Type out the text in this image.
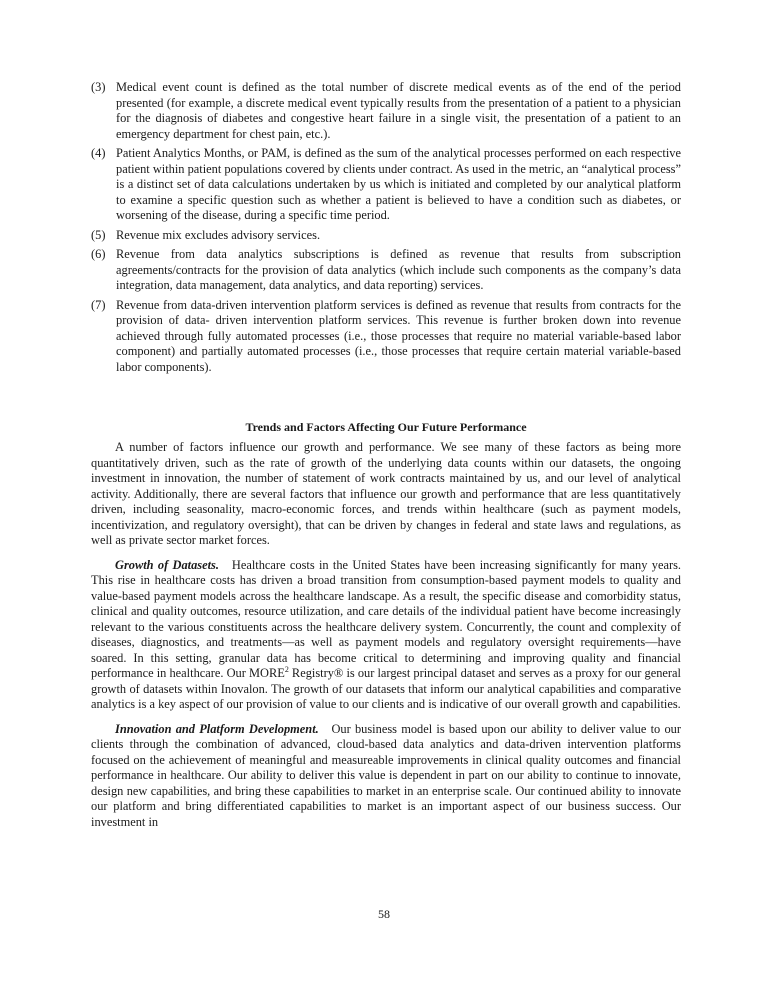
(3) Medical event count is defined as the total number of discrete medical events as of the end of the period presented (for example, a discrete medical event typically results from the presentation of a patient to a physician for the diagnosis of diabetes and congestive heart failure in a single visit, the presentation of a patient to an emergency department for chest pain, etc.).
(4) Patient Analytics Months, or PAM, is defined as the sum of the analytical processes performed on each respective patient within patient populations covered by clients under contract. As used in the metric, an “analytical process” is a distinct set of data calculations undertaken by us which is initiated and completed by our analytical platform to examine a specific question such as whether a patient is believed to have a condition such as diabetes, or worsening of the disease, during a specific time period.
(5) Revenue mix excludes advisory services.
(6) Revenue from data analytics subscriptions is defined as revenue that results from subscription agreements/contracts for the provision of data analytics (which include such components as the company’s data integration, data management, data analytics, and data reporting) services.
(7) Revenue from data-driven intervention platform services is defined as revenue that results from contracts for the provision of data- driven intervention platform services. This revenue is further broken down into revenue achieved through fully automated processes (i.e., those processes that require no material variable-based labor component) and partially automated processes (i.e., those processes that require certain material variable-based labor components).
Trends and Factors Affecting Our Future Performance

A number of factors influence our growth and performance. We see many of these factors as being more quantitatively driven, such as the rate of growth of the underlying data counts within our datasets, the ongoing investment in innovation, the number of statement of work contracts maintained by us, and our level of analytical activity. Additionally, there are several factors that influence our growth and performance that are less quantitatively driven, including seasonality, macro-economic forces, and trends within healthcare (such as payment models, incentivization, and regulatory oversight), that can be driven by changes in federal and state laws and regulations, as well as private sector market forces.

Growth of Datasets. Healthcare costs in the United States have been increasing significantly for many years. This rise in healthcare costs has driven a broad transition from consumption-based payment models to quality and value-based payment models across the healthcare landscape. As a result, the specific disease and comorbidity status, clinical and quality outcomes, resource utilization, and care details of the individual patient have become increasingly relevant to the various constituents across the healthcare delivery system. Concurrently, the count and complexity of diseases, diagnostics, and treatments—as well as payment models and regulatory oversight requirements—have soared. In this setting, granular data has become critical to determining and improving quality and financial performance in healthcare. Our MORE$^2$ Registry® is our largest principal dataset and serves as a proxy for our general growth of datasets within Inovalon. The growth of our datasets that inform our analytical capabilities and comparative analytics is a key aspect of our provision of value to our clients and is indicative of our overall growth and capabilities.

Innovation and Platform Development. Our business model is based upon our ability to deliver value to our clients through the combination of advanced, cloud-based data analytics and data-driven intervention platforms focused on the achievement of meaningful and measureable improvements in clinical quality outcomes and financial performance in healthcare. Our ability to deliver this value is dependent in part on our ability to continue to innovate, design new capabilities, and bring these capabilities to market in an enterprise scale. Our continued ability to innovate our platform and bring differentiated capabilities to market is an important aspect of our business success. Our investment in

58
